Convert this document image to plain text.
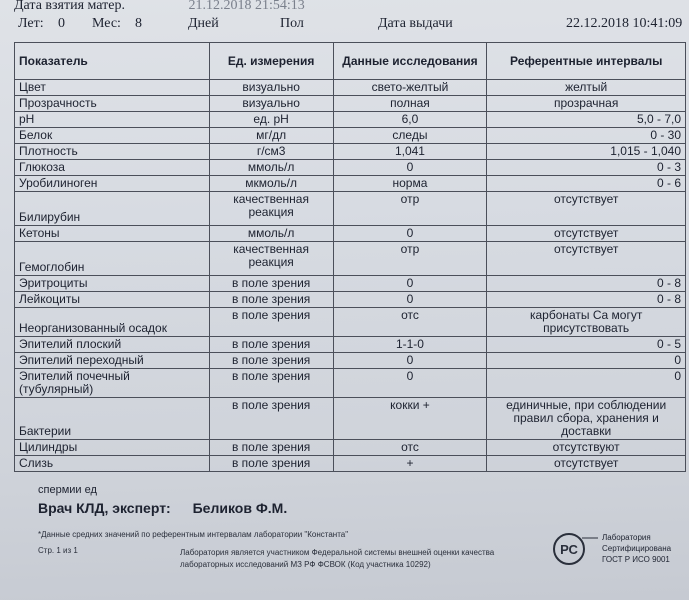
Дата взятия матер.	21.12.2018 21:54:13
Лет: 0 Мес: 8	Дней	Пол	Дата выдачи	22.12.2018 10:41:09
Показатель	Ед. измерения	Данные исследования	Референтные интервалы
Цвет	визуально	свето-желтый	желтый
Прозрачность	визуально	полная	прозрачная
pH	ед. pH	6,0	5,0 - 7,0
Белок	мг/дл	следы	0 - 30
Плотность	г/см3	1,041	1,015 - 1,040
Глюкоза	ммоль/л	0	0 - 3
Уробилиноген	мкмоль/л	норма	0 - 6
Билирубин	качественная реакция	отр	отсутствует
Кетоны	ммоль/л	0	отсутствует
Гемоглобин	качественная реакция	отр	отсутствует
Эритроциты	в поле зрения	0	0 - 8
Лейкоциты	в поле зрения	0	0 - 8
Неорганизованный осадок	в поле зрения	отс	карбонаты Ca могут присутствовать
Эпителий плоский	в поле зрения	1-1-0	0 - 5
Эпителий переходный	в поле зрения	0	0
Эпителий почечный (тубулярный)	в поле зрения	0	0
Бактерии	в поле зрения	кокки +	единичные, при соблюдении правил сбора, хранения и доставки
Цилиндры	в поле зрения	отс	отсутствуют
Слизь	в поле зрения	+	отсутствует
спермии ед
Врач КЛД, эксперт: Беликов Ф.М.
*Данные средних значений по референтным интервалам лаборатории "Константа"
Стр. 1 из 1	Лаборатория является участником Федеральной системы внешней оценки качества
лабораторных исследований МЗ РФ ФСВОК (Код участника 10292)
РС
Лаборатория
Сертифицирована
ГОСТ Р ИСО 9001
